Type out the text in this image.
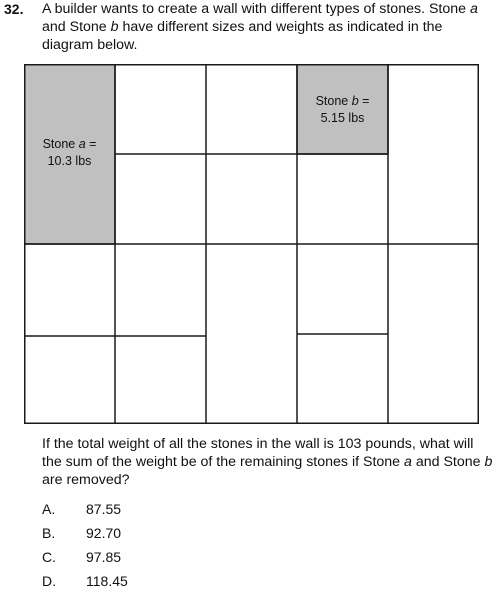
32. A builder wants to create a wall with different types of stones. Stone a and Stone b have different sizes and weights as indicated in the diagram below.
Stone a =
10.3 lbs
Stone b =
5.15 lbs
If the total weight of all the stones in the wall is 103 pounds, what will the sum of the weight be of the remaining stones if Stone a and Stone b are removed?
A.	87.55
B.	92.70
C.	97.85
D.	118.45
